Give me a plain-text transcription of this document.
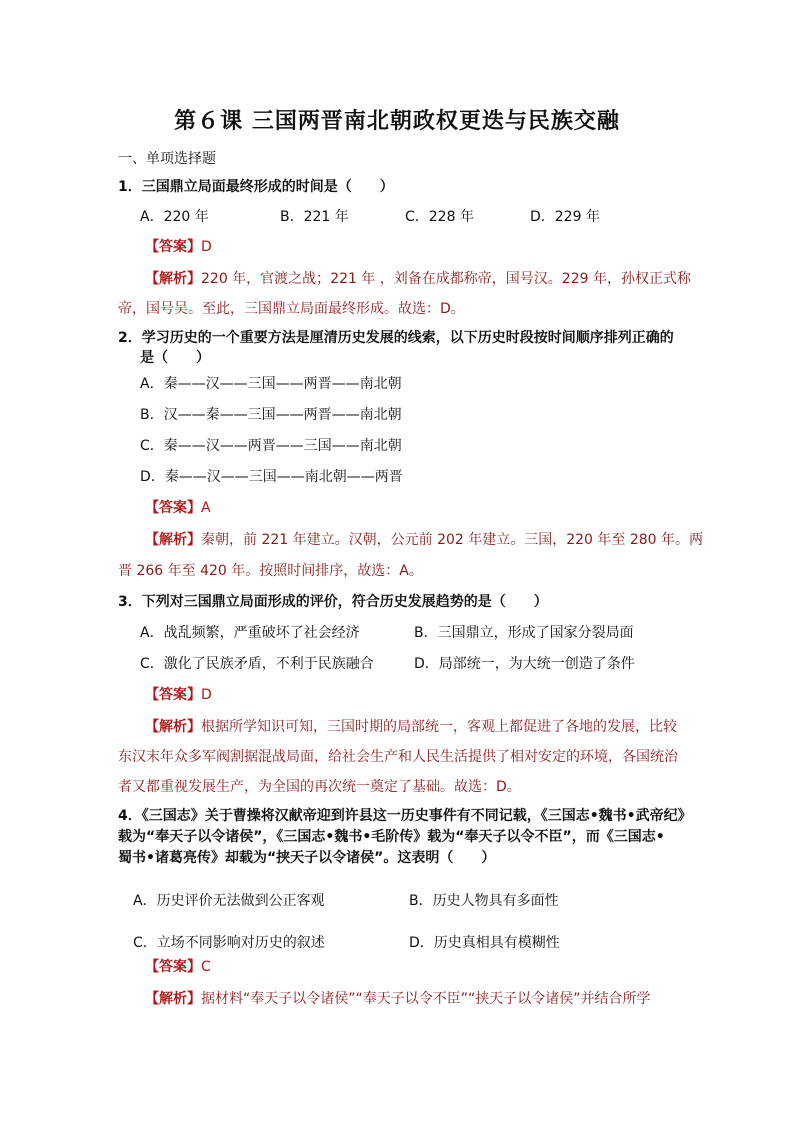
第６课 三国两晋南北朝政权更迭与民族交融
一、单项选择题
1．三国鼎立局面最终形成的时间是（　　）
A．220 年	B．221 年	C．228 年	D．229 年
【答案】D
【解析】220 年，官渡之战；221 年 ，刘备在成都称帝，国号汉。229 年，孙权正式称
帝，国号吴。至此，三国鼎立局面最终形成。故选：D。
2．学习历史的一个重要方法是厘清历史发展的线索，以下历史时段按时间顺序排列正确的
是（　　）
A．秦——汉——三国——两晋——南北朝
B．汉——秦——三国——两晋——南北朝
C．秦——汉——两晋——三国——南北朝
D．秦——汉——三国——南北朝——两晋
【答案】A
【解析】秦朝，前 221 年建立。汉朝，公元前 202 年建立。三国，220 年至 280 年。两
晋 266 年至 420 年。按照时间排序，故选：A。
3．下列对三国鼎立局面形成的评价，符合历史发展趋势的是（　　）
A．战乱频繁，严重破坏了社会经济	B．三国鼎立，形成了国家分裂局面
C．激化了民族矛盾，不利于民族融合	D．局部统一，为大统一创造了条件
【答案】D
【解析】根据所学知识可知，三国时期的局部统一，客观上都促进了各地的发展，比较
东汉末年众多军阀割据混战局面，给社会生产和人民生活提供了相对安定的环境，各国统治
者又都重视发展生产，为全国的再次统一奠定了基础。故选：D。
4．《三国志》关于曹操将汉献帝迎到许县这一历史事件有不同记载，《三国志•魏书•武帝纪》
载为“奉天子以令诸侯”，《三国志•魏书•毛阶传》载为“奉天子以令不臣”，而《三国志•
蜀书•诸葛亮传》却载为“挟天子以令诸侯”。这表明（　　）
A．历史评价无法做到公正客观	B．历史人物具有多面性
C．立场不同影响对历史的叙述	D．历史真相具有模糊性
【答案】C
【解析】据材料“奉天子以令诸侯”“奉天子以令不臣”“挟天子以令诸侯”并结合所学
